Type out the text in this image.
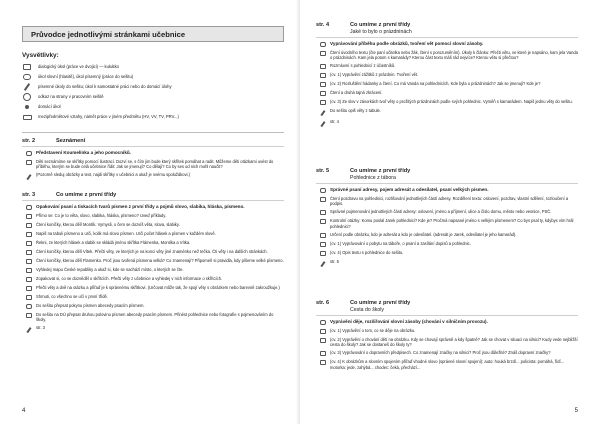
Průvodce jednotlivými stránkami učebnice
Vysvětlivky:
dialogický úkol (práce ve dvojici) — kukátko
úkol slovní (hlasitě), úkol písemný (práce do sešitu)
písemné úkoly do sešitu; úkol k samostatné práci nebo do domácí úlohy
odkaz na strany v pracovním sešitě
domácí úkol
mezipředmětové vztahy, námět práce v jiném předmětu (HV, VV, TV, PRV...)
str. 2	Seznámení
Představení Koumelínka a jeho pomocníků.
Děti seznámíme se skřítky pomocí ilustrací. Dozví se, s čím jim bude který skřítek pomáhat a radit. Můžeme děti otázkami uvést do příběhu, kterým se bude celá učebnice řídit: Jak se jmenují? Co dělají? Co by ses od nich mohl naučit?
(Pozorně sleduj obrázky a text, najdi skřítky v učebnici a ukaž je svému spolužákovi.)
str. 3	Co umíme z první třídy
Opakování psaní a tiskacích tvarů písmen z první třídy a pojmů slovo, slabika, hláska, písmeno.
Přímo se: Co je to věta, slovo, slabika, hláska, písmeno? Uveď příklady.
Čtení koníčky, kterou dělí Montík. Vymysli, o čem se dozvíš věta, slova, slabiky.
Napiš na tabuli písmeno a urči, kolik má slovo písmen. Urči počet hlásek a písmen v každém slově.
Řekni, ze kterých hlásek a slabik se skládá jméno skřítka Flámenka, Montíka a Vítka.
Čtení koníčky, kterou dělí Vítek. Přečti věty, ve kterých je na konci věty jiné znaménko než tečka. Čti věty i na dalších stránkách.
Čtení koníčky, kterou dělí Flamenko. Proč jsou tvořená písmena velká? Co znamenají? Připomeň si pravidla, kdy píšeme velké písmeno.
Vyhledej mapu České republiky a ukaž si, kde se nachází místo, o kterých se čte.
Zopakovat si, co se dozvěděl o skřítcích. Přečti věty z učebnice a vyhledej v nich informace o skřítcích.
Přečti věty a dvě na otázku a přiřaď je k správnému skřítkovi. (Určovat může tak, že spojí věty s obrázkem nebo barevně zakroužkuje.)
Shrnuti, co všechno se učí v první třídě.
Do sešitu přepsat pokynu písmen abecedy psacím písmem.
Do sešitu na DÚ přepsat druhou polovinu písmen abecedy psacím písmem. Přinést pohlednice nebo fotografie s pojmenováním do školy.
str. 3
4
str. 4	Co umíme z první třídy
Jaké to bylo o prázdninách
Vyprávování příběhu podle obrázků, tvoření vět pomocí slovní zásoby.
Čtení úvodního textu (čte paní učitelka nebo žák, čtení s porozuměním). Úkoly k článku: Přečti větu, ve které je napsáno, kam jela Vanda o prázdninách. Kam jela potom s kamarády? Kterou část textu máš rád nejvíce? Kterou větu si přečtou?
Rozmluvní s pohlednicí z účastníků.
(cv. 1) Vyprávění zážitků z prázdnin. Tvoření vět.
(cv. 2) Rozluštění hádanky a čtení. Co má Vanda na pohlednicích, Kde byla o prázdninách? Jak se jmenují? Kde je?
Čtení a druhá tajná zkrácení.
(cv. 3) Ze slov v závorkách tvoř věty o prožitých prázdninách podle svých pohlednic. Vyměň s kamarádem. Napiš jednu věty do sešitu.
Do sešitu opiš věty z tabule.
str. 4
str. 5	Co umíme z první třídy
Pohlednice z tábora
Správné psaní adresy, pojem adresát a odesílatel, psaní velkých písmen.
Čtení pozdravu na pohlednici, rozlišování jednotlivých částí adresy. Rozdělení textu: oslovení, pozdrav, vlastní sdělení, rozloučení a podpis.
Správné pojmenování jednotlivých částí adresy: oslovení, jméno a příjmení, ulice a číslo domu, město nebo vesnice, PSČ.
Kontrolní otázky: Komu poslal Jarek pohlednici? Kde je? Pročmá napsané jméno s velkým písmenem? Co bys psal ty, kdybys vím hrál pohlednici?
Určení podle obrázku, kdo je adresát a kdo je odesílatel. (adresát je Jarek, odesílatel je jeho kamarád).
(cv. 1) Vyprávování o pobytu na táboře, o psaní a zasílání dopisů a pohlednic.
(cv. 4) Opis textu s pohlednice do sešitu.
str. 5
str. 6	Co umíme z první třídy
Cesta do školy
Vyprávění děje, rozšiřování slovní zásoby (chování v silničním provozu).
(cv. 1) Vyprávění o tom, co se děje na obrázku.
(cv. 2) Vyprávění o chování dětí na obrázku. Kdy se chovají správně a kdy špatně? Jak se chovat v situaci na silnici? Kudy vede nejbližší cesta do školy? Jak se dostaneš do školy ty?
(cv. 3) Vyprávování o dopravních předpisech. Co znamenají značky na silnici? Proč jsou důležité? Znáš dopravní značky?
(cv. 4) K obrázkům a slovním spojením přiřaď vhodné slovo (správné slovní spojení): auto: houká brzdí... policista: pomáhá, řídí... motorka: jede, zahýbá... chodec: čeká, přechází...
5
